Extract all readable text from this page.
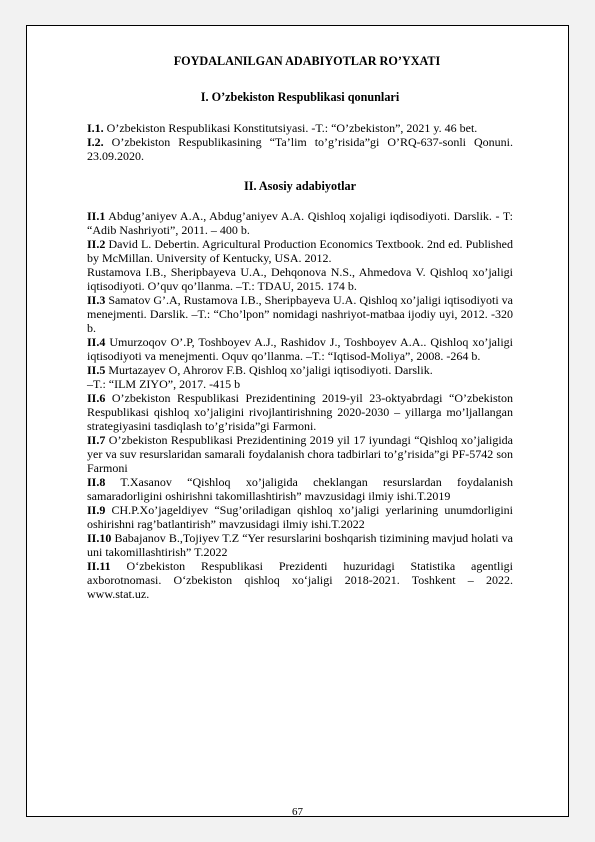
FOYDALANILGAN ADABIYOTLAR RO’YXATI

I. O’zbekiston Respublikasi qonunlari

I.1. O’zbekiston Respublikasi Konstitutsiyasi. -T.: “O’zbekiston”, 2021 y. 46 bet.

I.2. O’zbekiston Respublikasining “Ta’lim to’g’risida”gi O’RQ-637-sonli Qonuni. 23.09.2020.

II. Asosiy adabiyotlar

II.1 Abdug’aniyev A.A., Abdug’aniyev A.A. Qishloq xojaligi iqdisodiyoti. Darslik. - T: “Adib Nashriyoti”, 2011. – 400 b.

II.2 David L. Debertin. Agricultural Production Economics Textbook. 2nd ed. Published by McMillan. University of Kentucky, USA. 2012.

Rustamova I.B., Sheripbayeva U.A., Dehqonova N.S., Ahmedova V. Qishloq xo’jaligi iqtisodiyoti. O’quv qo’llanma. –T.: TDAU, 2015. 174 b.

II.3 Samatov G’.A, Rustamova I.B., Sheripbayeva U.A. Qishloq xo’jaligi iqtisodiyoti va menejmenti. Darslik. –T.: “Cho’lpon” nomidagi nashriyot-matbaa ijodiy uyi, 2012. -320 b.

II.4 Umurzoqov O’.P, Toshboyev A.J., Rashidov J., Toshboyev A.A.. Qishloq xo’jaligi iqtisodiyoti va menejmenti. Oquv qo’llanma. –T.: “Iqtisod-Moliya”, 2008. -264 b.

II.5 Murtazayev O, Ahrorov F.B. Qishloq xo’jaligi iqtisodiyoti. Darslik.

–T.: “ILM ZIYO”, 2017. -415 b

II.6 O’zbekiston Respublikasi Prezidentining 2019-yil 23-oktyabrdagi “O’zbekiston Respublikasi qishloq xo’jaligini rivojlantirishning 2020-2030 – yillarga mo’ljallangan strategiyasini tasdiqlash to’g’risida”gi Farmoni.

II.7 O’zbekiston Respublikasi Prezidentining 2019 yil 17 iyundagi “Qishloq xo’jaligida yer va suv resurslaridan samarali foydalanish chora tadbirlari to’g’risida”gi PF-5742 son Farmoni

II.8 T.Xasanov “Qishloq xo’jaligida cheklangan resurslardan foydalanish samaradorligini oshirishni takomillashtirish” mavzusidagi ilmiy ishi.T.2019

II.9 CH.P.Xo’jageldiyev “Sug’oriladigan qishloq xo’jaligi yerlarining unumdorligini oshirishni rag’batlantirish” mavzusidagi ilmiy ishi.T.2022

II.10 Babajanov B.,Tojiyev T.Z “Yer resurslarini boshqarish tizimining mavjud holati va uni takomillashtirish” T.2022

II.11 O‘zbekiston Respublikasi Prezidenti huzuridagi Statistika agentligi axborotnomasi. O‘zbekiston qishloq xo‘jaligi 2018-2021. Toshkent – 2022. www.stat.uz.

67
